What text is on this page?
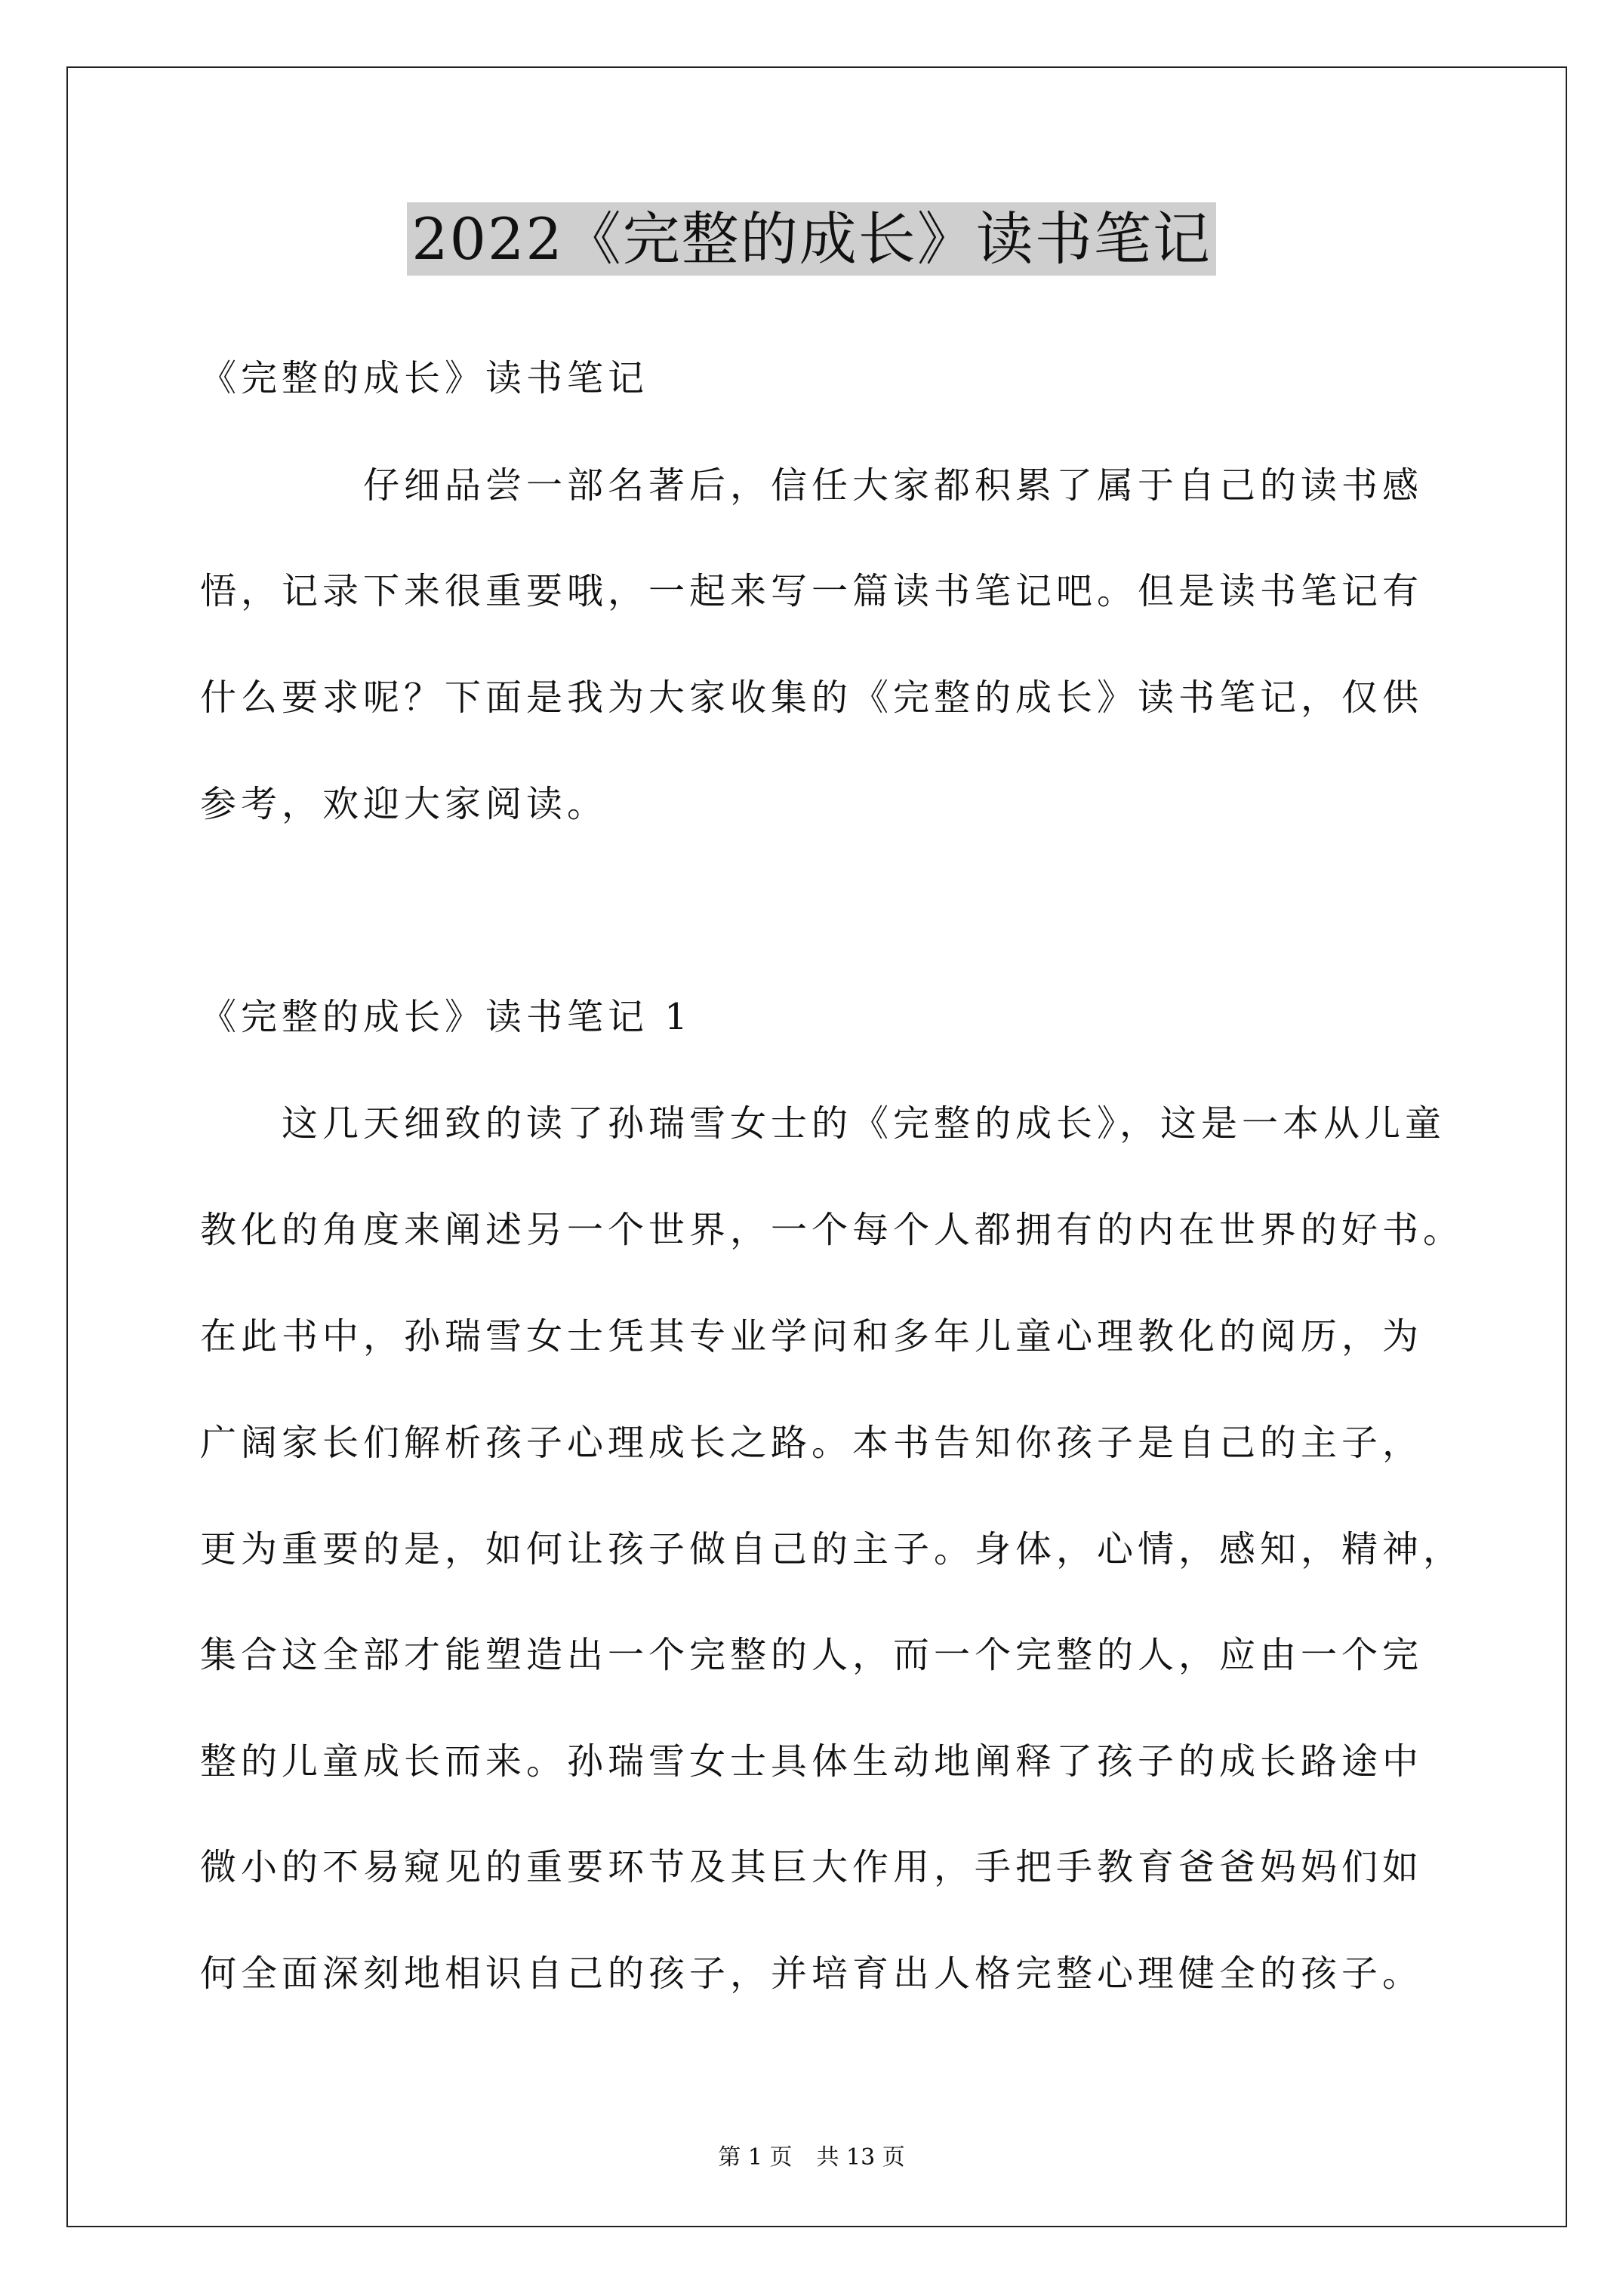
2022《完整的成长》读书笔记
《完整的成长》读书笔记
　　　　仔细品尝一部名著后，信任大家都积累了属于自己的读书感
悟，记录下来很重要哦，一起来写一篇读书笔记吧。但是读书笔记有
什么要求呢？下面是我为大家收集的《完整的成长》读书笔记，仅供
参考，欢迎大家阅读。
《完整的成长》读书笔记 1
　　这几天细致的读了孙瑞雪女士的《完整的成长》，这是一本从儿童
教化的角度来阐述另一个世界，一个每个人都拥有的内在世界的好书。
在此书中，孙瑞雪女士凭其专业学问和多年儿童心理教化的阅历，为
广阔家长们解析孩子心理成长之路。本书告知你孩子是自己的主子，
更为重要的是，如何让孩子做自己的主子。身体，心情，感知，精神，
集合这全部才能塑造出一个完整的人，而一个完整的人，应由一个完
整的儿童成长而来。孙瑞雪女士具体生动地阐释了孩子的成长路途中
微小的不易窥见的重要环节及其巨大作用，手把手教育爸爸妈妈们如
何全面深刻地相识自己的孩子，并培育出人格完整心理健全的孩子。
第 1 页 共 13 页
